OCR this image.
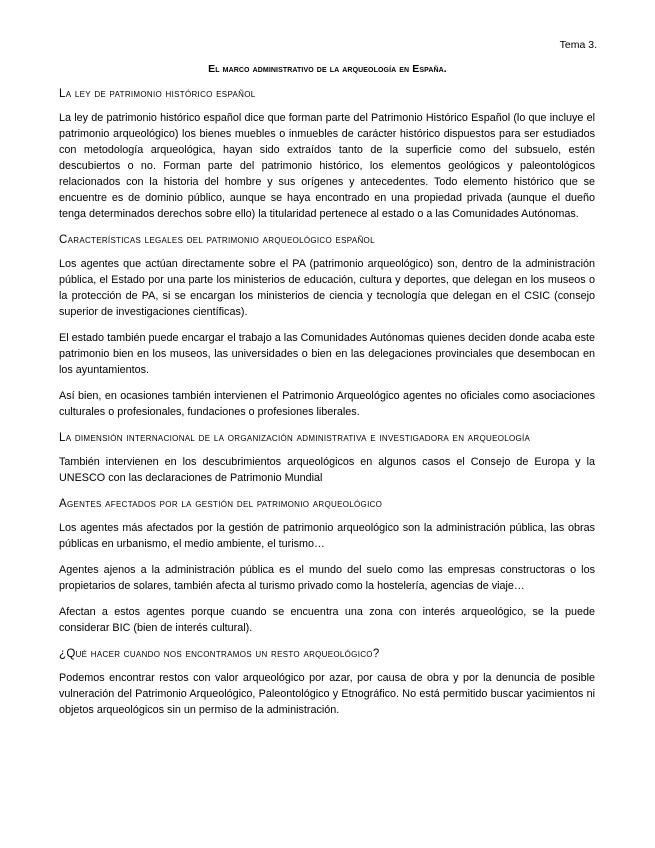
Tema 3.
El marco administrativo de la arqueología en España.
La ley de patrimonio histórico español

La ley de patrimonio histórico español dice que forman parte del Patrimonio Histórico Español (lo que incluye el patrimonio arqueológico) los bienes muebles o inmuebles de carácter histórico dispuestos para ser estudiados con metodología arqueológica, hayan sido extraídos tanto de la superficie como del subsuelo, estén descubiertos o no. Forman parte del patrimonio histórico, los elementos geológicos y paleontológicos relacionados con la historia del hombre y sus orígenes y antecedentes. Todo elemento histórico que se encuentre es de dominio público, aunque se haya encontrado en una propiedad privada (aunque el dueño tenga determinados derechos sobre ello) la titularidad pertenece al estado o a las Comunidades Autónomas.

Características legales del patrimonio arqueológico español

Los agentes que actúan directamente sobre el PA (patrimonio arqueológico) son, dentro de la administración pública, el Estado por una parte los ministerios de educación, cultura y deportes, que delegan en los museos o la protección de PA, si se encargan los ministerios de ciencia y tecnología que delegan en el CSIC (consejo superior de investigaciones científicas).

El estado también puede encargar el trabajo a las Comunidades Autónomas quienes deciden donde acaba este patrimonio bien en los museos, las universidades o bien en las delegaciones provinciales que desembocan en los ayuntamientos.

Así bien, en ocasiones también intervienen el Patrimonio Arqueológico agentes no oficiales como asociaciones culturales o profesionales, fundaciones o profesiones liberales.

La dimensión internacional de la organización administrativa e investigadora en arqueología

También intervienen en los descubrimientos arqueológicos en algunos casos el Consejo de Europa y la UNESCO con las declaraciones de Patrimonio Mundial

Agentes afectados por la gestión del patrimonio arqueológico

Los agentes más afectados por la gestión de patrimonio arqueológico son la administración pública, las obras públicas en urbanismo, el medio ambiente, el turismo…

Agentes ajenos a la administración pública es el mundo del suelo como las empresas constructoras o los propietarios de solares, también afecta al turismo privado como la hostelería, agencias de viaje…

Afectan a estos agentes porque cuando se encuentra una zona con interés arqueológico, se la puede considerar BIC (bien de interés cultural).

¿Qué hacer cuando nos encontramos un resto arqueológico?

Podemos encontrar restos con valor arqueológico por azar, por causa de obra y por la denuncia de posible vulneración del Patrimonio Arqueológico, Paleontológico y Etnográfico. No está permitido buscar yacimientos ni objetos arqueológicos sin un permiso de la administración.
